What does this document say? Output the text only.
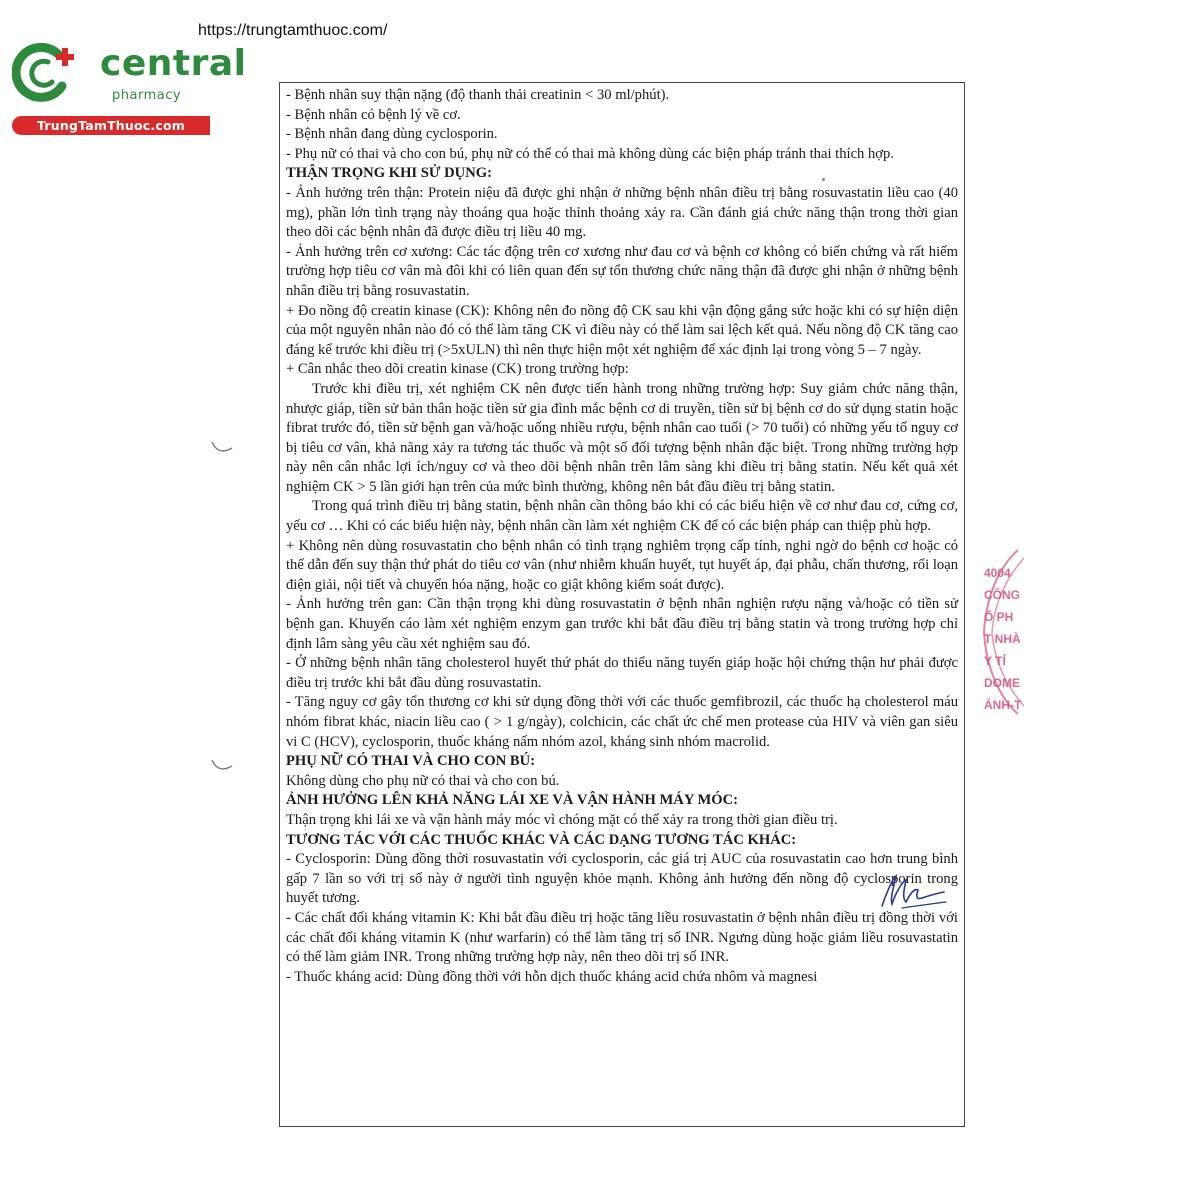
central
pharmacy
TrungTamThuoc.com
https://trungtamthuoc.com/

- Bệnh nhân suy thận nặng (độ thanh thải creatinin < 30 ml/phút).

- Bệnh nhân có bệnh lý về cơ.

- Bệnh nhân đang dùng cyclosporin.

- Phụ nữ có thai và cho con bú, phụ nữ có thể có thai mà không dùng các biện pháp tránh thai thích hợp.

THẬN TRỌNG KHI SỬ DỤNG:

- Ảnh hưởng trên thận: Protein niệu đã được ghi nhận ở những bệnh nhân điều trị bằng rosuvastatin liều cao (40 mg), phần lớn tình trạng này thoáng qua hoặc thỉnh thoảng xảy ra. Cần đánh giá chức năng thận trong thời gian theo dõi các bệnh nhân đã được điều trị liều 40 mg.

- Ảnh hưởng trên cơ xương: Các tác động trên cơ xương như đau cơ và bệnh cơ không có biến chứng và rất hiếm trường hợp tiêu cơ vân mà đôi khi có liên quan đến sự tổn thương chức năng thận đã được ghi nhận ở những bệnh nhân điều trị bằng rosuvastatin.

+ Đo nồng độ creatin kinase (CK): Không nên đo nồng độ CK sau khi vận động gắng sức hoặc khi có sự hiện diện của một nguyên nhân nào đó có thể làm tăng CK vì điều này có thể làm sai lệch kết quả. Nếu nồng độ CK tăng cao đáng kể trước khi điều trị (>5xULN) thì nên thực hiện một xét nghiệm để xác định lại trong vòng 5 – 7 ngày.

+ Cân nhắc theo dõi creatin kinase (CK) trong trường hợp:

Trước khi điều trị, xét nghiệm CK nên được tiến hành trong những trường hợp: Suy giảm chức năng thận, nhược giáp, tiền sử bản thân hoặc tiền sử gia đình mắc bệnh cơ di truyền, tiền sử bị bệnh cơ do sử dụng statin hoặc fibrat trước đó, tiền sử bệnh gan và/hoặc uống nhiều rượu, bệnh nhân cao tuổi (> 70 tuổi) có những yếu tố nguy cơ bị tiêu cơ vân, khả năng xảy ra tương tác thuốc và một số đối tượng bệnh nhân đặc biệt. Trong những trường hợp này nên cân nhắc lợi ích/nguy cơ và theo dõi bệnh nhân trên lâm sàng khi điều trị bằng statin. Nếu kết quả xét nghiệm CK > 5 lần giới hạn trên của mức bình thường, không nên bắt đầu điều trị bằng statin.

Trong quá trình điều trị bằng statin, bệnh nhân cần thông báo khi có các biểu hiện về cơ như đau cơ, cứng cơ, yếu cơ … Khi có các biểu hiện này, bệnh nhân cần làm xét nghiệm CK để có các biện pháp can thiệp phù hợp.

+ Không nên dùng rosuvastatin cho bệnh nhân có tình trạng nghiêm trọng cấp tính, nghi ngờ do bệnh cơ hoặc có thể dẫn đến suy thận thứ phát do tiêu cơ vân (như nhiễm khuẩn huyết, tụt huyết áp, đại phẫu, chấn thương, rối loạn điện giải, nội tiết và chuyển hóa nặng, hoặc co giật không kiểm soát được).

- Ảnh hưởng trên gan: Cần thận trọng khi dùng rosuvastatin ở bệnh nhân nghiện rượu nặng và/hoặc có tiền sử bệnh gan. Khuyến cáo làm xét nghiệm enzym gan trước khi bắt đầu điều trị bằng statin và trong trường hợp chỉ định lâm sàng yêu cầu xét nghiệm sau đó.

- Ở những bệnh nhân tăng cholesterol huyết thứ phát do thiểu năng tuyến giáp hoặc hội chứng thận hư phải được điều trị trước khi bắt đầu dùng rosuvastatin.

- Tăng nguy cơ gây tổn thương cơ khi sử dụng đồng thời với các thuốc gemfibrozil, các thuốc hạ cholesterol máu nhóm fibrat khác, niacin liều cao ( > 1 g/ngày), colchicin, các chất ức chế men protease của HIV và viên gan siêu vi C (HCV), cyclosporin, thuốc kháng nấm nhóm azol, kháng sinh nhóm macrolid.

PHỤ NỮ CÓ THAI VÀ CHO CON BÚ:

Không dùng cho phụ nữ có thai và cho con bú.

ẢNH HƯỞNG LÊN KHẢ NĂNG LÁI XE VÀ VẬN HÀNH MÁY MÓC:

Thận trọng khi lái xe và vận hành máy móc vì chóng mặt có thể xảy ra trong thời gian điều trị.

TƯƠNG TÁC VỚI CÁC THUỐC KHÁC VÀ CÁC DẠNG TƯƠNG TÁC KHÁC:

- Cyclosporin: Dùng đồng thời rosuvastatin với cyclosporin, các giá trị AUC của rosuvastatin cao hơn trung bình gấp 7 lần so với trị số này ở người tình nguyện khỏe mạnh. Không ảnh hưởng đến nồng độ cyclosporin trong huyết tương.

- Các chất đối kháng vitamin K: Khi bắt đầu điều trị hoặc tăng liều rosuvastatin ở bệnh nhân điều trị đồng thời với các chất đối kháng vitamin K (như warfarin) có thể làm tăng trị số INR. Ngưng dùng hoặc giảm liều rosuvastatin có thể làm giảm INR. Trong những trường hợp này, nên theo dõi trị số INR.

- Thuốc kháng acid: Dùng đồng thời với hỗn dịch thuốc kháng acid chứa nhôm và magnesi

4004
CÔNG
Ổ PH
T NHÀ
Y TỈ
DOME
ÁNH-T
